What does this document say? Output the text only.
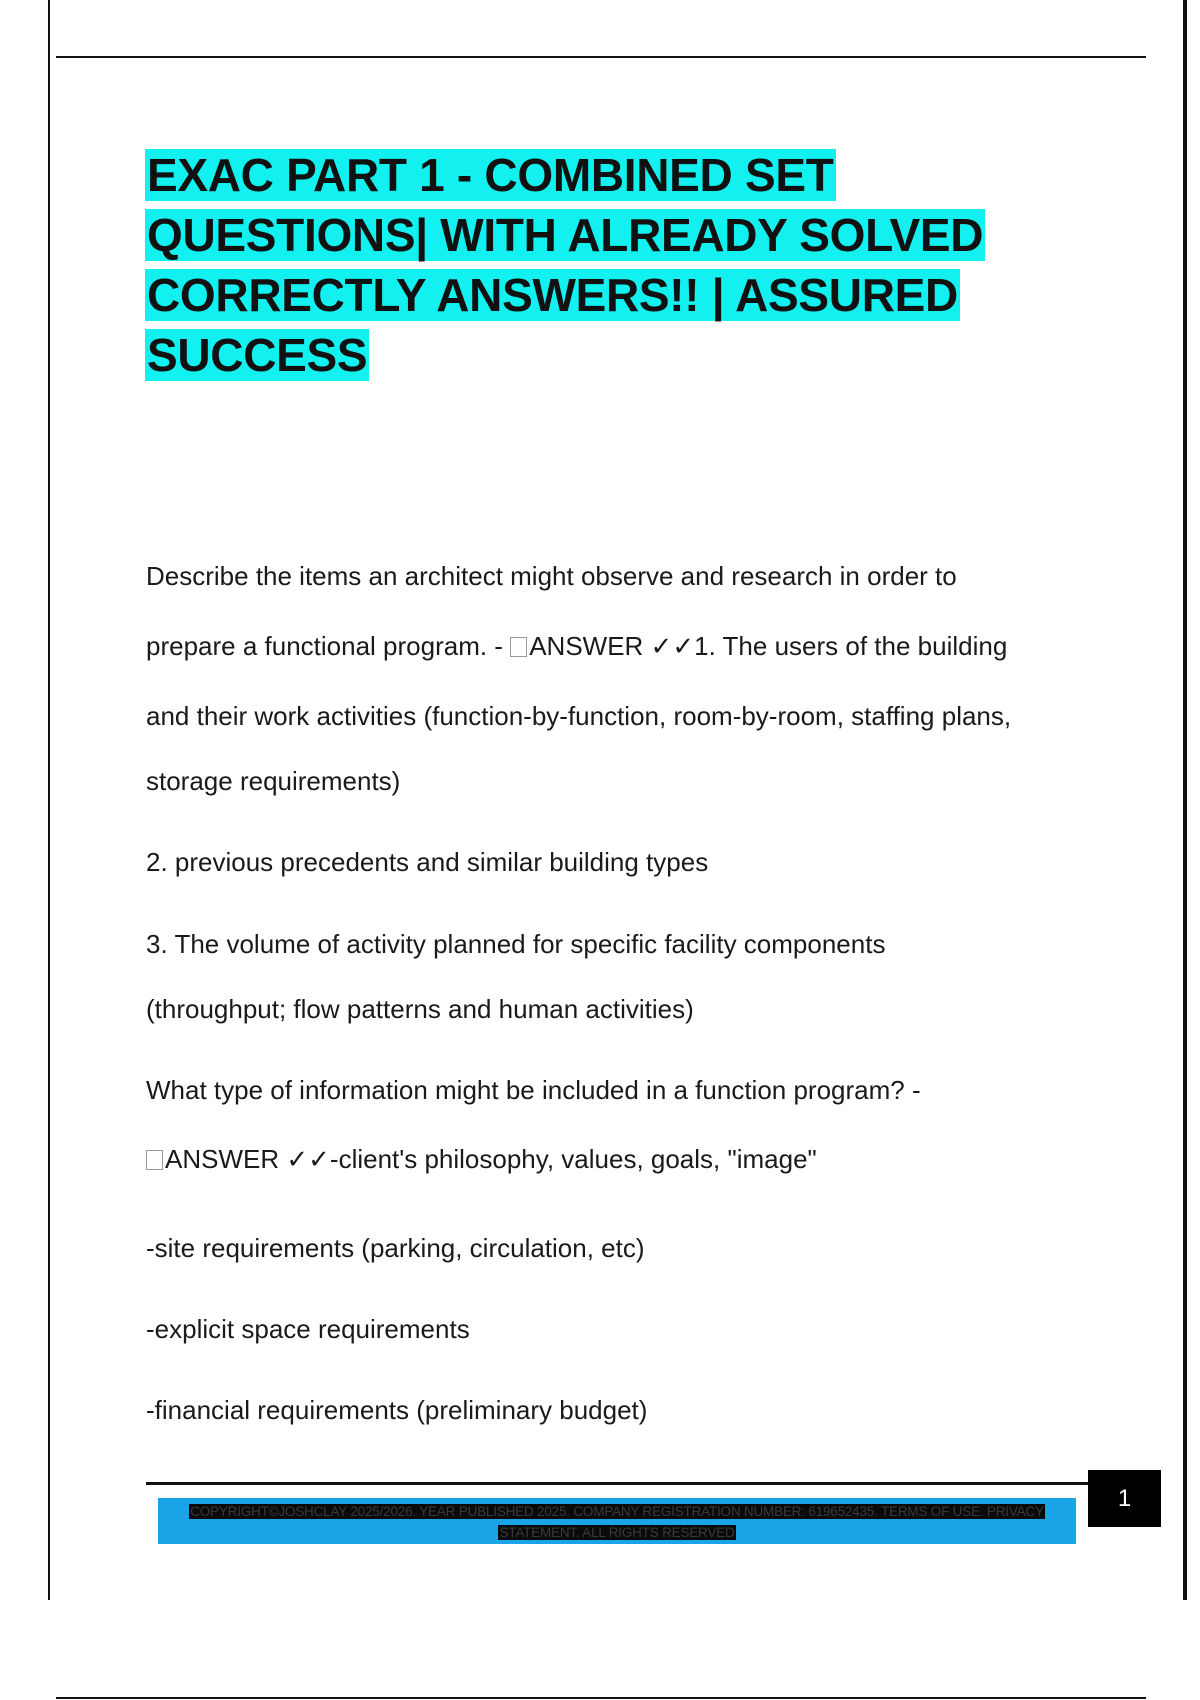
EXAC PART 1 - COMBINED SET QUESTIONS| WITH ALREADY SOLVED CORRECTLY ANSWERS!! | ASSURED SUCCESS
Describe the items an architect might observe and research in order to
prepare a functional program. - ANSWER ✓✓1. The users of the building
and their work activities (function-by-function, room-by-room, staffing plans,
storage requirements)
2. previous precedents and similar building types
3. The volume of activity planned for specific facility components
(throughput; flow patterns and human activities)
What type of information might be included in a function program? -
ANSWER ✓✓-client's philosophy, values, goals, "image"
-site requirements (parking, circulation, etc)
-explicit space requirements
-financial requirements (preliminary budget)
COPYRIGHT©JOSHCLAY 2025/2026. YEAR PUBLISHED 2025. COMPANY REGISTRATION NUMBER: 619652435. TERMS OF USE. PRIVACY
STATEMENT. ALL RIGHTS RESERVED
1
